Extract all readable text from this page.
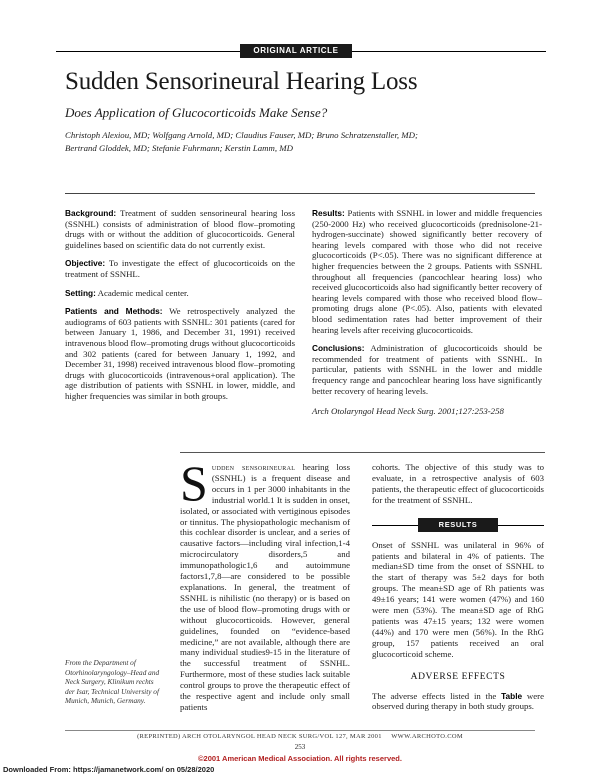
ORIGINAL ARTICLE
Sudden Sensorineural Hearing Loss
Does Application of Glucocorticoids Make Sense?
Christoph Alexiou, MD; Wolfgang Arnold, MD; Claudius Fauser, MD; Bruno Schratzenstaller, MD;
Bertrand Gloddek, MD; Stefanie Fuhrmann; Kerstin Lamm, MD

Background: Treatment of sudden sensorineural hearing loss (SSNHL) consists of administration of blood flow–promoting drugs with or without the addition of glucocorticoids. General guidelines based on scientific data do not currently exist.

Objective: To investigate the effect of glucocorticoids on the treatment of SSNHL.

Setting: Academic medical center.

Patients and Methods: We retrospectively analyzed the audiograms of 603 patients with SSNHL: 301 patients (cared for between January 1, 1986, and December 31, 1991) received intravenous blood flow–promoting drugs without glucocorticoids and 302 patients (cared for between January 1, 1992, and December 31, 1998) received intravenous blood flow–promoting drugs with glucocorticoids (intravenous+oral application). The age distribution of patients with SSNHL in lower, middle, and higher frequencies was similar in both groups.

Results: Patients with SSNHL in lower and middle frequencies (250-2000 Hz) who received glucocorticoids (prednisolone-21-hydrogen-succinate) showed significantly better recovery of hearing levels compared with those who did not receive glucocorticoids (P<.05). There was no significant difference at higher frequencies between the 2 groups. Patients with SSNHL throughout all frequencies (pancochlear hearing loss) who received glucocorticoids also had significantly better recovery of hearing levels compared with those who received blood flow–promoting drugs alone (P<.05). Also, patients with elevated blood sedimentation rates had better improvement of their hearing levels after receiving glucocorticoids.

Conclusions: Administration of glucocorticoids should be recommended for treatment of patients with SSNHL. In particular, patients with SSNHL in the lower and middle frequency range and pancochlear hearing loss have significantly better recovery of hearing levels.

Arch Otolaryngol Head Neck Surg. 2001;127:253-258

Sudden sensorineural hearing loss (SSNHL) is a frequent disease and occurs in 1 per 3000 inhabitants in the industrial world.1 It is sudden in onset, isolated, or associated with vertiginous episodes or tinnitus. The physiopathologic mechanism of this cochlear disorder is unclear, and a series of causative factors—including viral infection,1-4 microcirculatory disorders,5 and immunopathologic1,6 and autoimmune factors1,7,8—are considered to be possible explanations. In general, the treatment of SSNHL is nihilistic (no therapy) or is based on the use of blood flow–promoting drugs with or without glucocorticoids. However, general guidelines, founded on “evidence-based medicine,” are not available, although there are many individual studies9-15 in the literature of the successful treatment of SSNHL. Furthermore, most of these studies lack suitable control groups to prove the therapeutic effect of the respective agent and include only small patients

cohorts. The objective of this study was to evaluate, in a retrospective analysis of 603 patients, the therapeutic effect of glucocorticoids for the treatment of SSNHL.

RESULTS

Onset of SSNHL was unilateral in 96% of patients and bilateral in 4% of patients. The median±SD time from the onset of SSNHL to the start of therapy was 5±2 days for both groups. The mean±SD age of Rh patients was 49±16 years; 141 were women (47%) and 160 were men (53%). The mean±SD age of RhG patients was 47±15 years; 132 were women (44%) and 170 were men (56%). In the RhG group, 157 patients received an oral glucocorticoid scheme.

ADVERSE EFFECTS

The adverse effects listed in the Table were observed during therapy in both study groups.

From the Department of Otorhinolaryngology–Head and Neck Surgery, Klinikum rechts der Isar, Technical University of Munich, Munich, Germany.
(REPRINTED) ARCH OTOLARYNGOL HEAD NECK SURG/VOL 127, MAR 2001     WWW.ARCHOTO.COM
253
©2001 American Medical Association. All rights reserved.
Downloaded From: https://jamanetwork.com/ on 05/28/2020
